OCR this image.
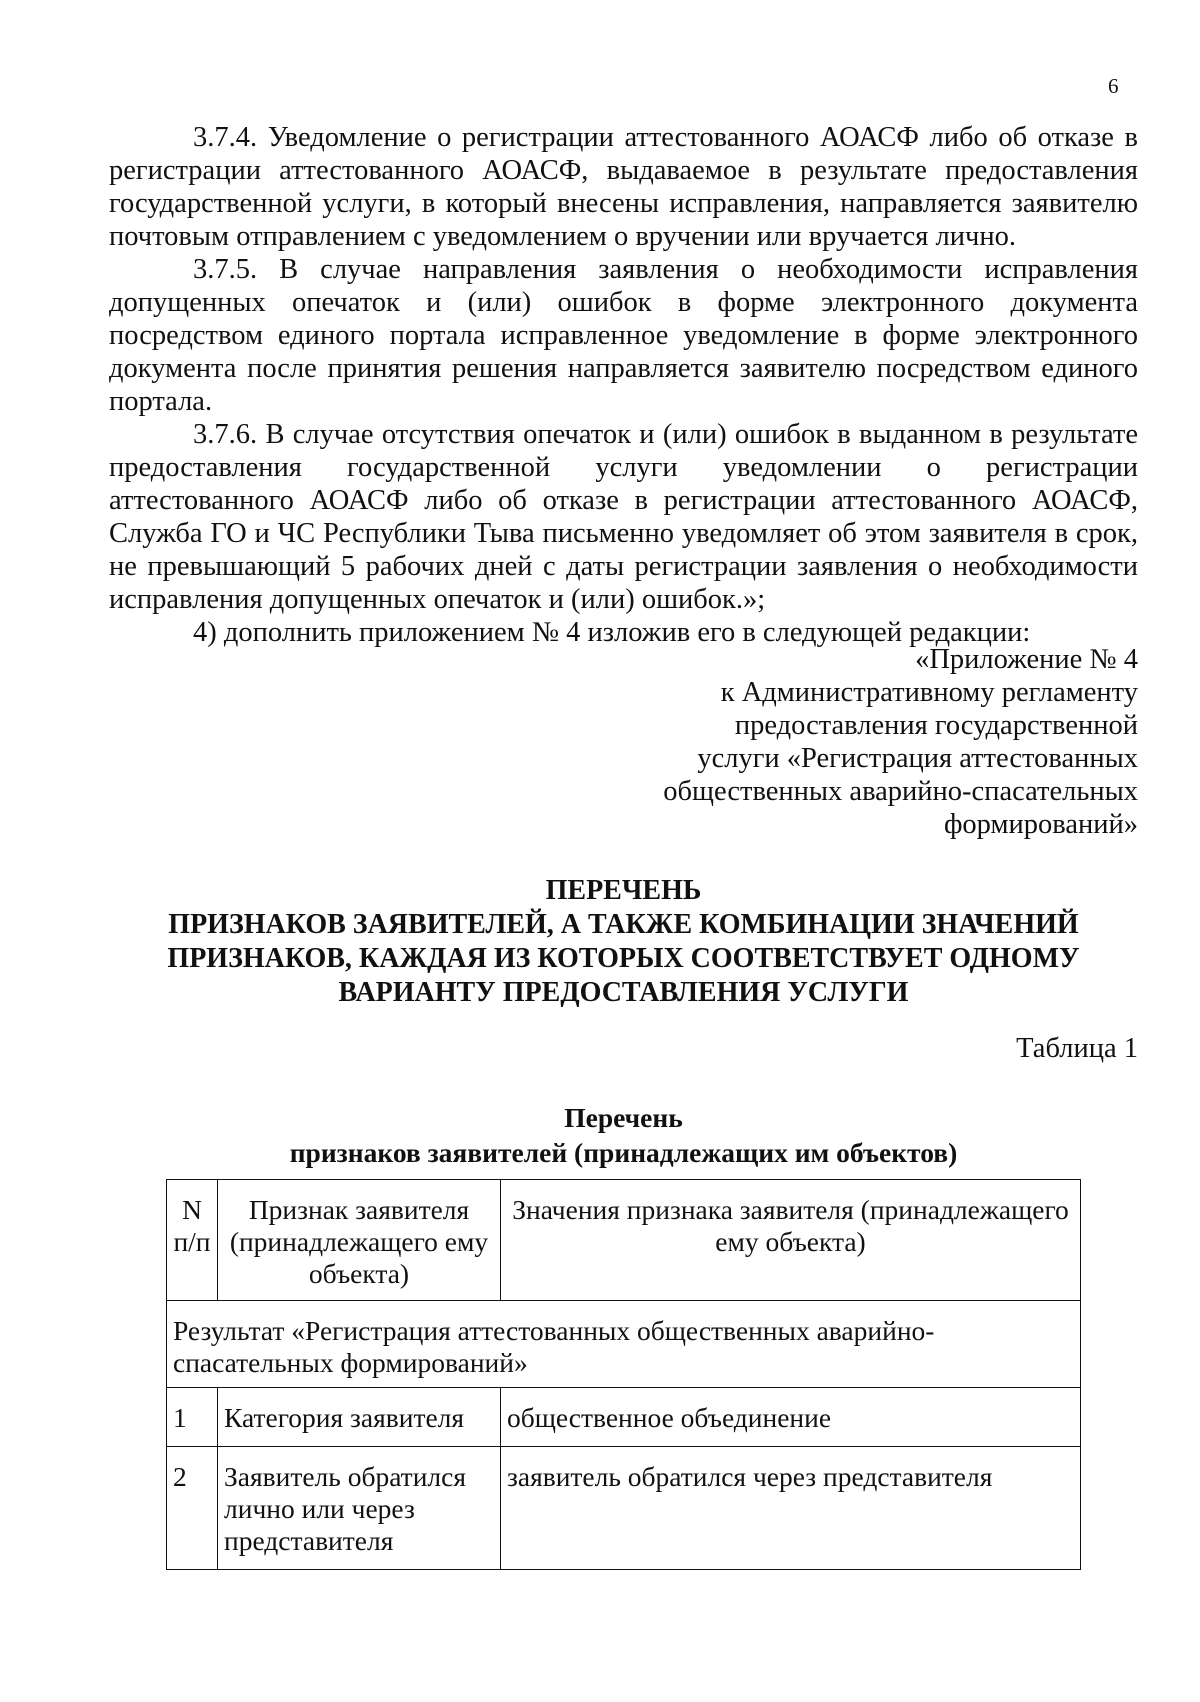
6

3.7.4. Уведомление о регистрации аттестованного АОАСФ либо об отказе в регистрации аттестованного АОАСФ, выдаваемое в результате предоставления государственной услуги, в который внесены исправления, направляется заявителю почтовым отправлением с уведомлением о вручении или вручается лично.

3.7.5. В случае направления заявления о необходимости исправления допущенных опечаток и (или) ошибок в форме электронного документа посредством единого портала исправленное уведомление в форме электронного документа после принятия решения направляется заявителю посредством единого портала.

3.7.6. В случае отсутствия опечаток и (или) ошибок в выданном в результате предоставления государственной услуги уведомлении о регистрации аттестованного АОАСФ либо об отказе в регистрации аттестованного АОАСФ, Служба ГО и ЧС Республики Тыва письменно уведомляет об этом заявителя в срок, не превышающий 5 рабочих дней с даты регистрации заявления о необходимости исправления допущенных опечаток и (или) ошибок.»;

4) дополнить приложением № 4 изложив его в следующей редакции:

«Приложение № 4
к Административному регламенту
предоставления государственной
услуги «Регистрация аттестованных
общественных аварийно-спасательных
формирований»
ПЕРЕЧЕНЬ
ПРИЗНАКОВ ЗАЯВИТЕЛЕЙ, А ТАКЖЕ КОМБИНАЦИИ ЗНАЧЕНИЙ
ПРИЗНАКОВ, КАЖДАЯ ИЗ КОТОРЫХ СООТВЕТСТВУЕТ ОДНОМУ
ВАРИАНТУ ПРЕДОСТАВЛЕНИЯ УСЛУГИ
Таблица 1
Перечень
признаков заявителей (принадлежащих им объектов)
N п/п	Признак заявителя (принадлежащего ему объекта)	Значения признака заявителя (принадлежащего ему объекта)
Результат «Регистрация аттестованных общественных аварийно-спасательных формирований»		
1	Категория заявителя	общественное объединение
2	Заявитель обратился лично или через представителя	заявитель обратился через представителя
